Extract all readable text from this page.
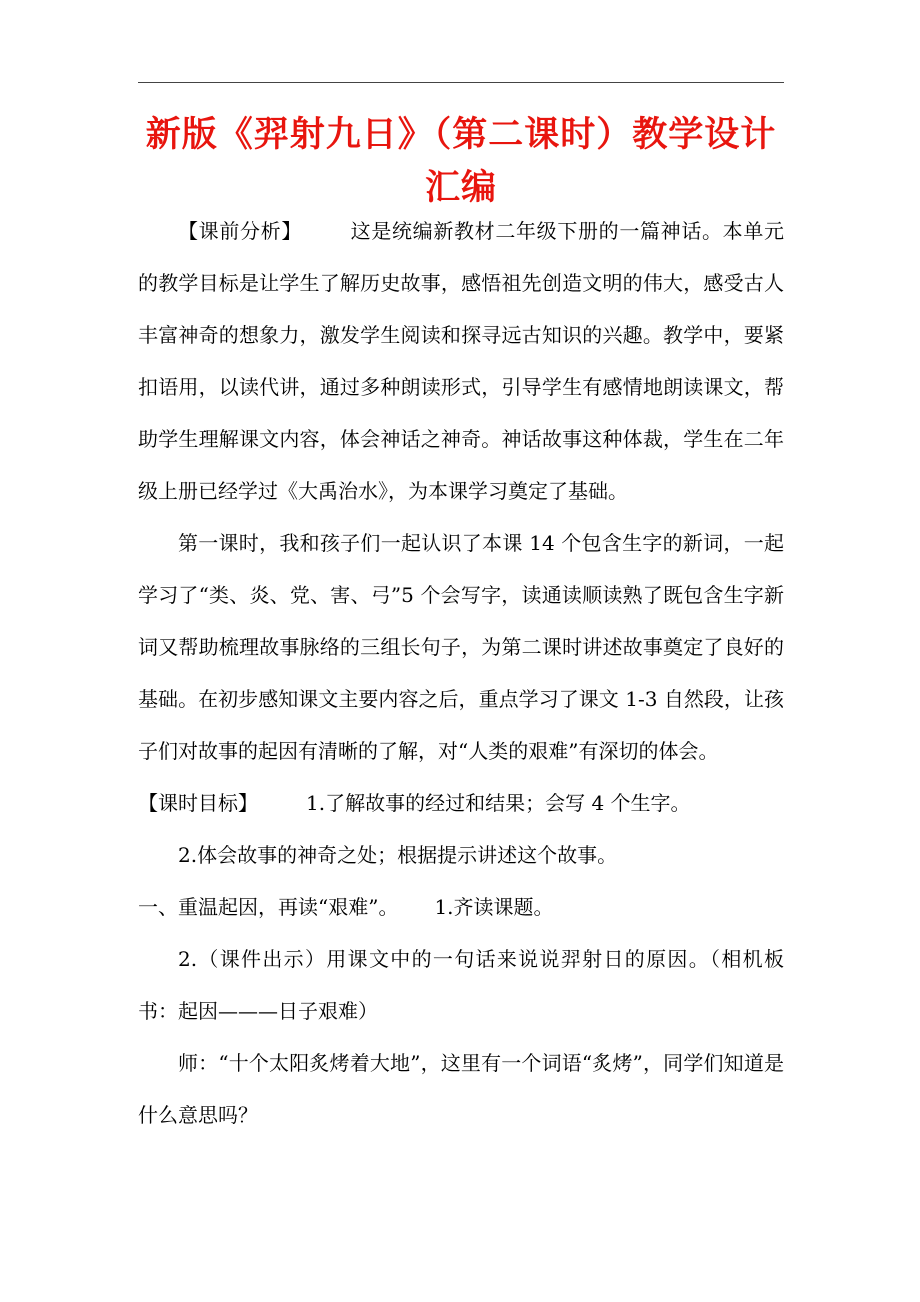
新版《羿射九日》（第二课时）教学设计汇编

【课前分析】 这是统编新教材二年级下册的一篇神话。本单元的教学目标是让学生了解历史故事，感悟祖先创造文明的伟大，感受古人丰富神奇的想象力，激发学生阅读和探寻远古知识的兴趣。教学中，要紧扣语用，以读代讲，通过多种朗读形式，引导学生有感情地朗读课文，帮助学生理解课文内容，体会神话之神奇。神话故事这种体裁，学生在二年级上册已经学过《大禹治水》，为本课学习奠定了基础。

第一课时，我和孩子们一起认识了本课 14 个包含生字的新词，一起学习了“类、炎、党、害、弓”5 个会写字，读通读顺读熟了既包含生字新词又帮助梳理故事脉络的三组长句子，为第二课时讲述故事奠定了良好的基础。在初步感知课文主要内容之后，重点学习了课文 1-3 自然段，让孩子们对故事的起因有清晰的了解，对“人类的艰难”有深切的体会。

【课时目标】 1.了解故事的经过和结果；会写 4 个生字。

2.体会故事的神奇之处；根据提示讲述这个故事。

一、重温起因，再读“艰难”。 1.齐读课题。

2.（课件出示）用课文中的一句话来说说羿射日的原因。（相机板书：起因———日子艰难）

师：“十个太阳炙烤着大地”，这里有一个词语“炙烤”，同学们知道是什么意思吗？
